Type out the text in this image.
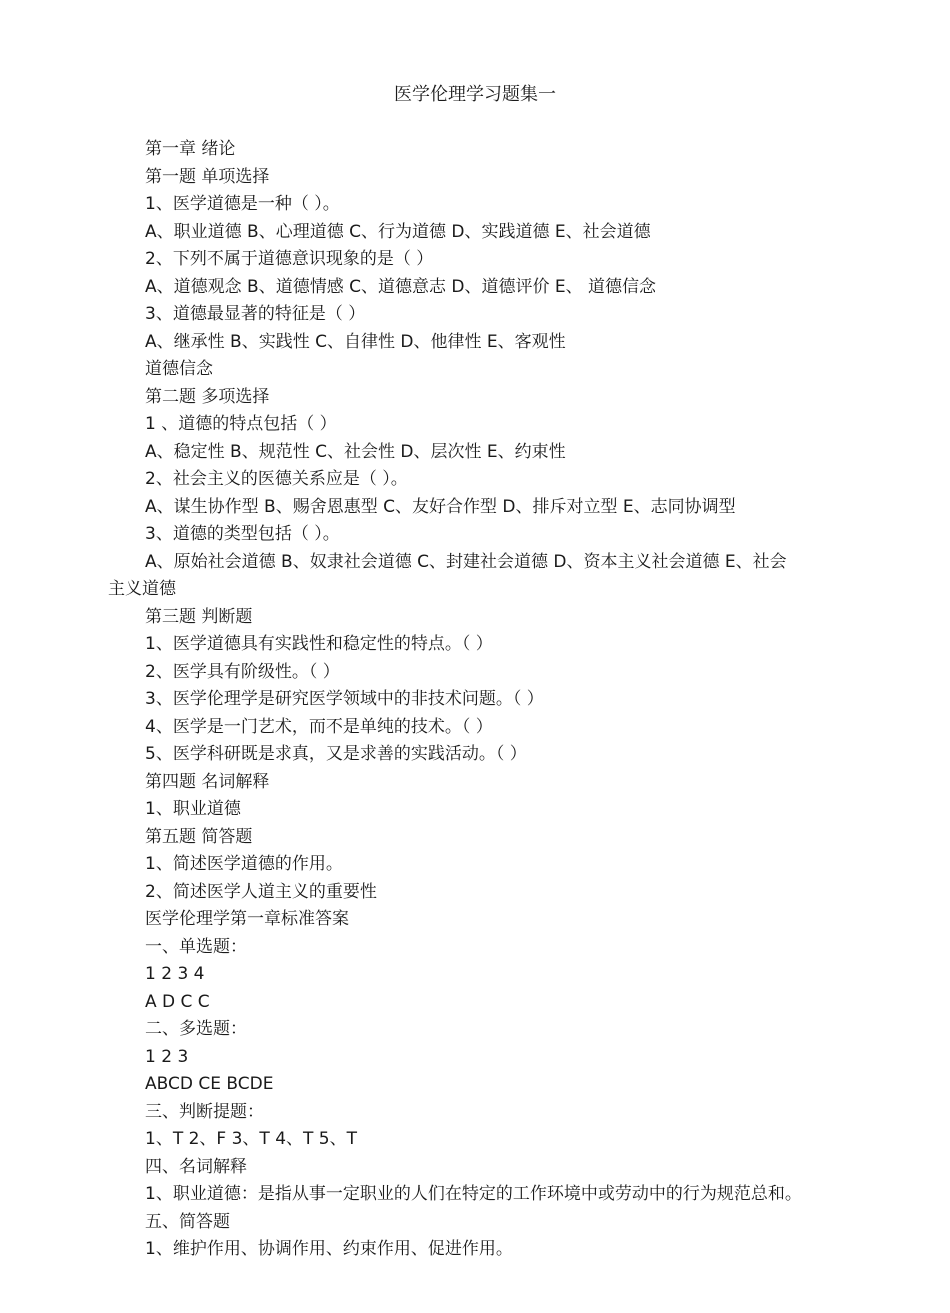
医学伦理学习题集一
第一章 绪论
第一题 单项选择
1、医学道德是一种（ ）。
A、职业道德 B、心理道德 C、行为道德 D、实践道德 E、社会道德
2、下列不属于道德意识现象的是（ ）
A、道德观念 B、道德情感 C、道德意志 D、道德评价 E、 道德信念
3、道德最显著的特征是（ ）
A、继承性 B、实践性 C、自律性 D、他律性 E、客观性
道德信念
第二题 多项选择
1 、道德的特点包括（ ）
A、稳定性 B、规范性 C、社会性 D、层次性 E、约束性
2、社会主义的医德关系应是（ ）。
A、谋生协作型 B、赐舍恩惠型 C、友好合作型 D、排斥对立型 E、志同协调型
3、道德的类型包括（ ）。
A、原始社会道德 B、奴隶社会道德 C、封建社会道德 D、资本主义社会道德 E、社会
主义道德
第三题 判断题
1、医学道德具有实践性和稳定性的特点。（ ）
2、医学具有阶级性。（ ）
3、医学伦理学是研究医学领域中的非技术问题。（ ）
4、医学是一门艺术，而不是单纯的技术。（ ）
5、医学科研既是求真，又是求善的实践活动。（ ）
第四题 名词解释
1、职业道德
第五题 简答题
1、简述医学道德的作用。
2、简述医学人道主义的重要性
医学伦理学第一章标准答案
一、单选题：
1 2 3 4
A D C C
二、多选题：
1 2 3
ABCD CE BCDE
三、判断提题：
1、T 2、F 3、T 4、T 5、T
四、名词解释
1、职业道德：是指从事一定职业的人们在特定的工作环境中或劳动中的行为规范总和。
五、简答题
1、维护作用、协调作用、约束作用、促进作用。
